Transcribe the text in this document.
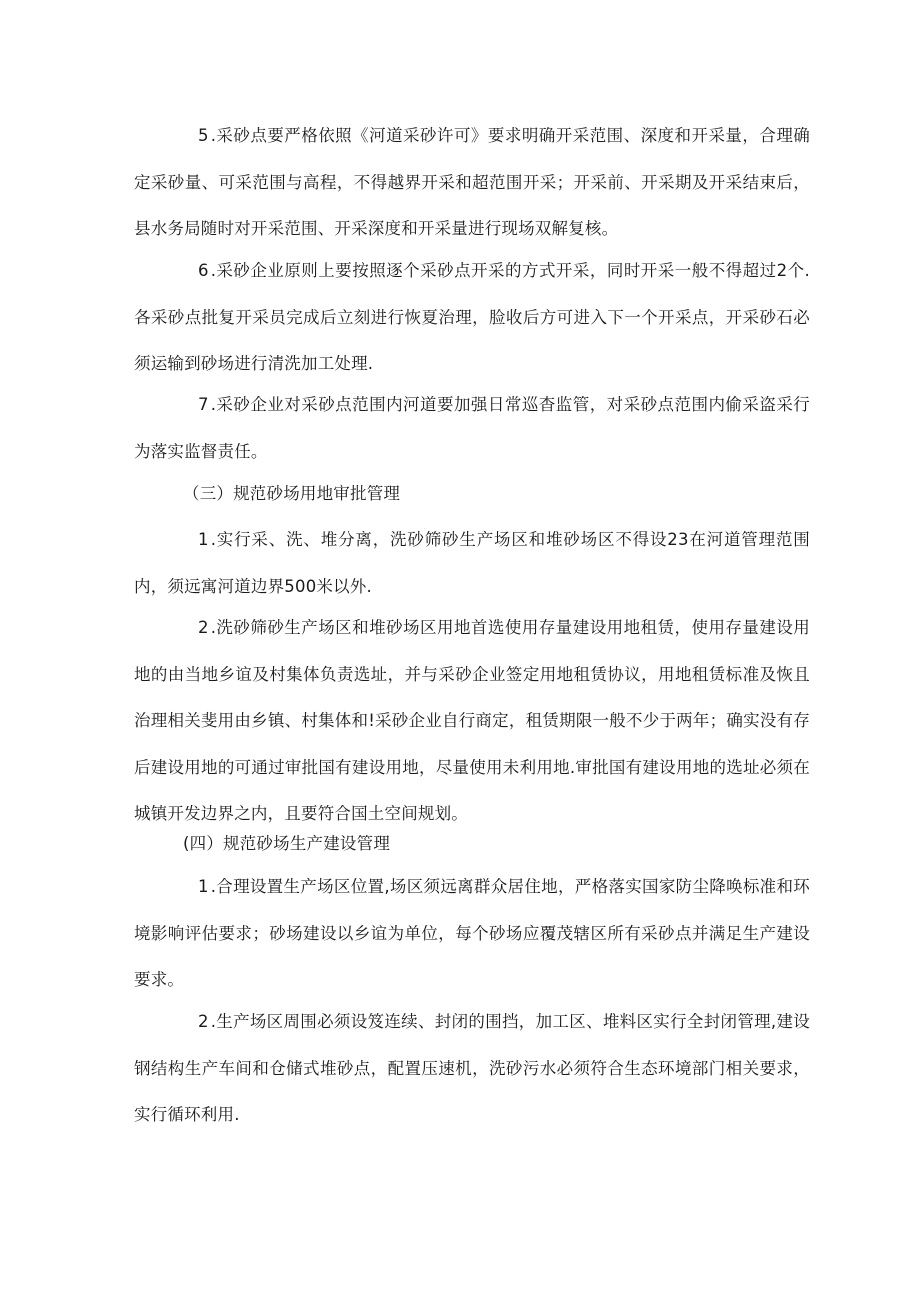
5 .采砂点要严格依照《河道采砂许可》要求明确开采范围、深度和开采量，合理确定采砂量、可采范围与高程，不得越界开采和超范围开采；开采前、开采期及开采结束后，县水务局随时对开采范围、开采深度和开采量进行现场双解复核。

6 .采砂企业原则上要按照逐个采砂点开采的方式开采，同时开采一般不得超过2个.各采砂点批复开采员完成后立刻进行恢夏治理，脸收后方可进入下一个开采点，开采砂石必须运输到砂场进行清洗加工处理.

7 .采砂企业对采砂点范围内河道要加强日常巡杳监管，对采砂点范围内偷采盗采行为落实监督责任。

（三）规范砂场用地审批管理

1 .实行采、洗、堆分离，洗砂筛砂生产场区和堆砂场区不得设23在河道管理范围内，须远寓河道边界500米以外.

2 .洗砂筛砂生产场区和堆砂场区用地首选使用存量建设用地租赁，使用存量建设用地的由当地乡谊及村集体负责选址，并与采砂企业签定用地租赁协议，用地租赁标准及恢且治理相关斐用由乡镇、村集体和!采砂企业自行商定，租赁期限一般不少于两年；确实没有存后建设用地的可通过审批国有建设用地，尽量使用未利用地.审批国有建设用地的选址必须在城镇开发边界之内，且要符合国土空间规划。

(四）规范砂场生产建设管理

1 .合理设置生产场区位置,场区须远离群众居住地，严格落实国家防尘降唤标准和环境影响评估要求；砂场建设以乡谊为单位，每个砂场应覆茂辖区所有采砂点并满足生产建设要求。

2 .生产场区周围必须设笈连续、封闭的围挡，加工区、堆料区实行全封闭管理,建设钢结构生产车间和仓储式堆砂点，配置压速机，洗砂污水必须符合生态环境部门相关要求，实行循环利用.
